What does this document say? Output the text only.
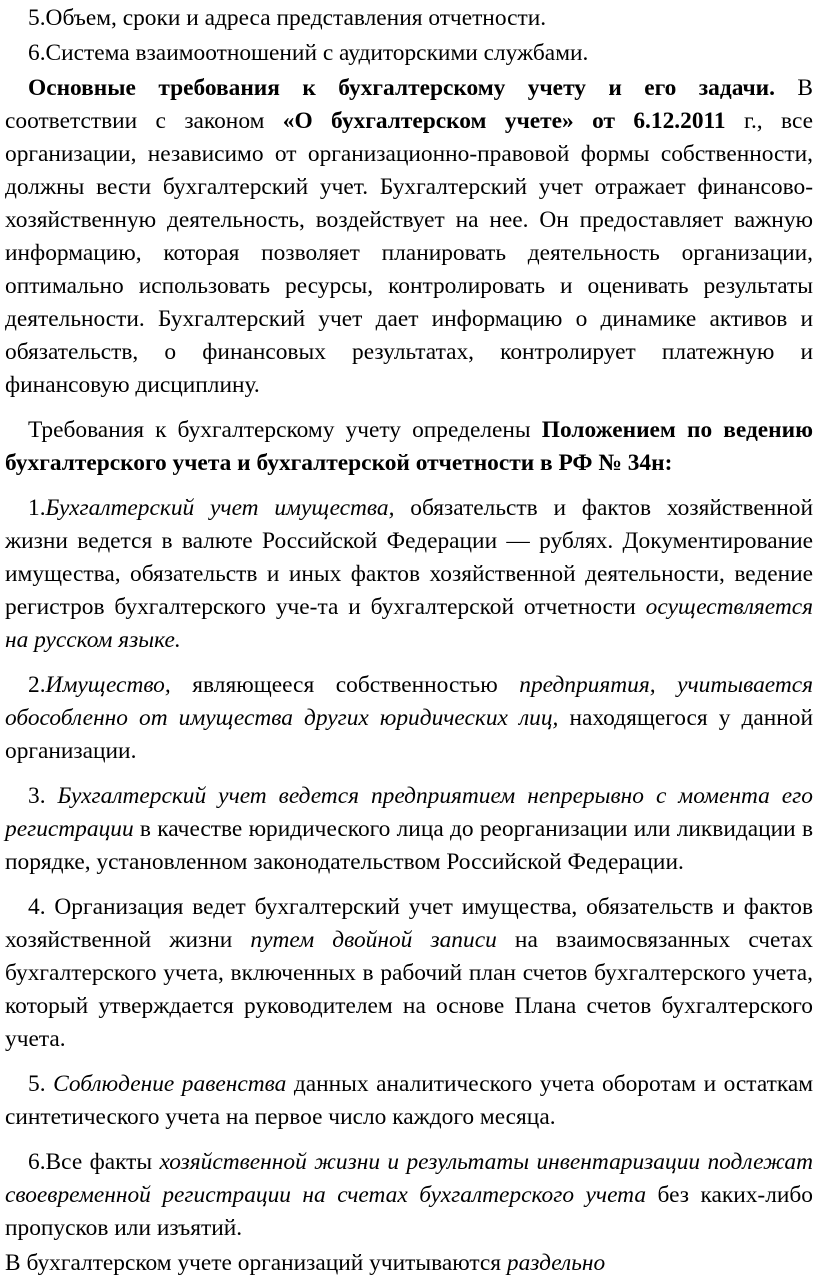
5.Объем, сроки и адреса представления отчетности.

6.Система взаимоотношений с аудиторскими службами.

Основные требования к бухгалтерскому учету и его задачи. В соответствии с законом «О бухгалтерском учете» от 6.12.2011 г., все организации, независимо от организационно-правовой формы собственности, должны вести бухгалтерский учет. Бухгалтерский учет отражает финансово-хозяйственную деятельность, воздействует на нее. Он предоставляет важную информацию, которая позволяет планировать деятельность организации, оптимально использовать ресурсы, контролировать и оценивать результаты деятельности. Бухгалтерский учет дает информацию о динамике активов и обязательств, о финансовых результатах, контролирует платежную и финансовую дисциплину.

Требования к бухгалтерскому учету определены Положением по ведению бухгалтерского учета и бухгалтерской отчетности в РФ № 34н:

1.Бухгалтерский учет имущества, обязательств и фактов хозяйственной жизни ведется в валюте Российской Федерации — рублях. Документирование имущества, обязательств и иных фактов хозяйственной деятельности, ведение регистров бухгалтерского уче-та и бухгалтерской отчетности осуществляется на русском языке.

2.Имущество, являющееся собственностью предприятия, учитывается обособленно от имущества других юридических лиц, находящегося у данной организации.

3. Бухгалтерский учет ведется предприятием непрерывно с момента его регистрации в качестве юридического лица до реорганизации или ликвидации в порядке, установленном законодательством Российской Федерации.

4. Организация ведет бухгалтерский учет имущества, обязательств и фактов хозяйственной жизни путем двойной записи на взаимосвязанных счетах бухгалтерского учета, включенных в рабочий план счетов бухгалтерского учета, который утверждается руководителем на основе Плана счетов бухгалтерского учета.

5. Соблюдение равенства данных аналитического учета оборотам и остаткам синтетического учета на первое число каждого месяца.

6.Все факты хозяйственной жизни и результаты инвентаризации подлежат своевременной регистрации на счетах бухгалтерского учета без каких-либо пропусков или изъятий.

В бухгалтерском учете организаций учитываются раздельно
